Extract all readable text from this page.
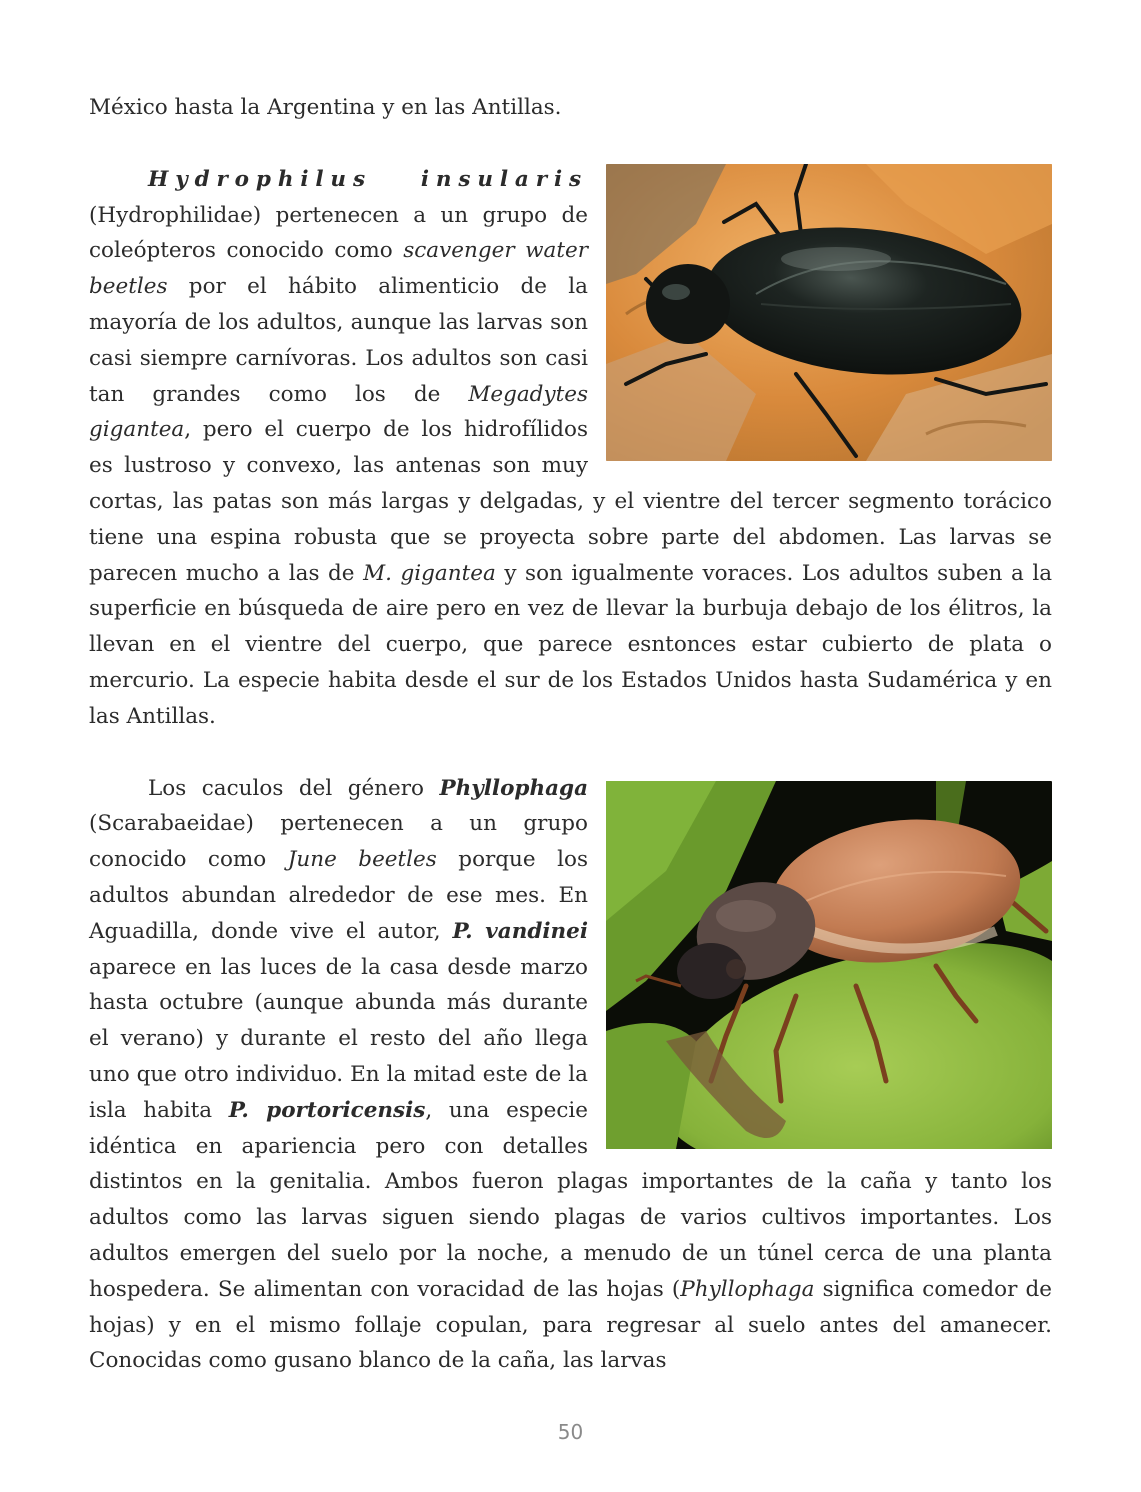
México hasta la Argentina y en las Antillas.

Hydrophilus insularis (Hydrophilidae) pertenecen a un grupo de coleópteros conocido como scavenger water beetles por el hábito alimenticio de la mayoría de los adultos, aunque las larvas son casi siempre carnívoras. Los adultos son casi tan grandes como los de Megadytes gigantea, pero el cuerpo de los hidrofílidos es lustroso y convexo, las antenas son muy cortas, las patas son más largas y delgadas, y el vientre del tercer segmento torácico tiene una espina robusta que se proyecta sobre parte del abdomen. Las larvas se parecen mucho a las de M. gigantea y son igualmente voraces. Los adultos suben a la superficie en búsqueda de aire pero en vez de llevar la burbuja debajo de los élitros, la llevan en el vientre del cuerpo, que parece esntonces estar cubierto de plata o mercurio. La especie habita desde el sur de los Estados Unidos hasta Sudamérica y en las Antillas.

Los caculos del género Phyllophaga (Scarabaeidae) pertenecen a un grupo conocido como June beetles porque los adultos abundan alrededor de ese mes. En Aguadilla, donde vive el autor, P. vandinei aparece en las luces de la casa desde marzo hasta octubre (aunque abunda más durante el verano) y durante el resto del año llega uno que otro individuo. En la mitad este de la isla habita P. portoricensis, una especie idéntica en apariencia pero con detalles distintos en la genitalia. Ambos fueron plagas importantes de la caña y tanto los adultos como las larvas siguen siendo plagas de varios cultivos importantes. Los adultos emergen del suelo por la noche, a menudo de un túnel cerca de una planta hospedera. Se alimentan con voracidad de las hojas (Phyllophaga significa comedor de hojas) y en el mismo follaje copulan, para regresar al suelo antes del amanecer. Conocidas como gusano blanco de la caña, las larvas

50
